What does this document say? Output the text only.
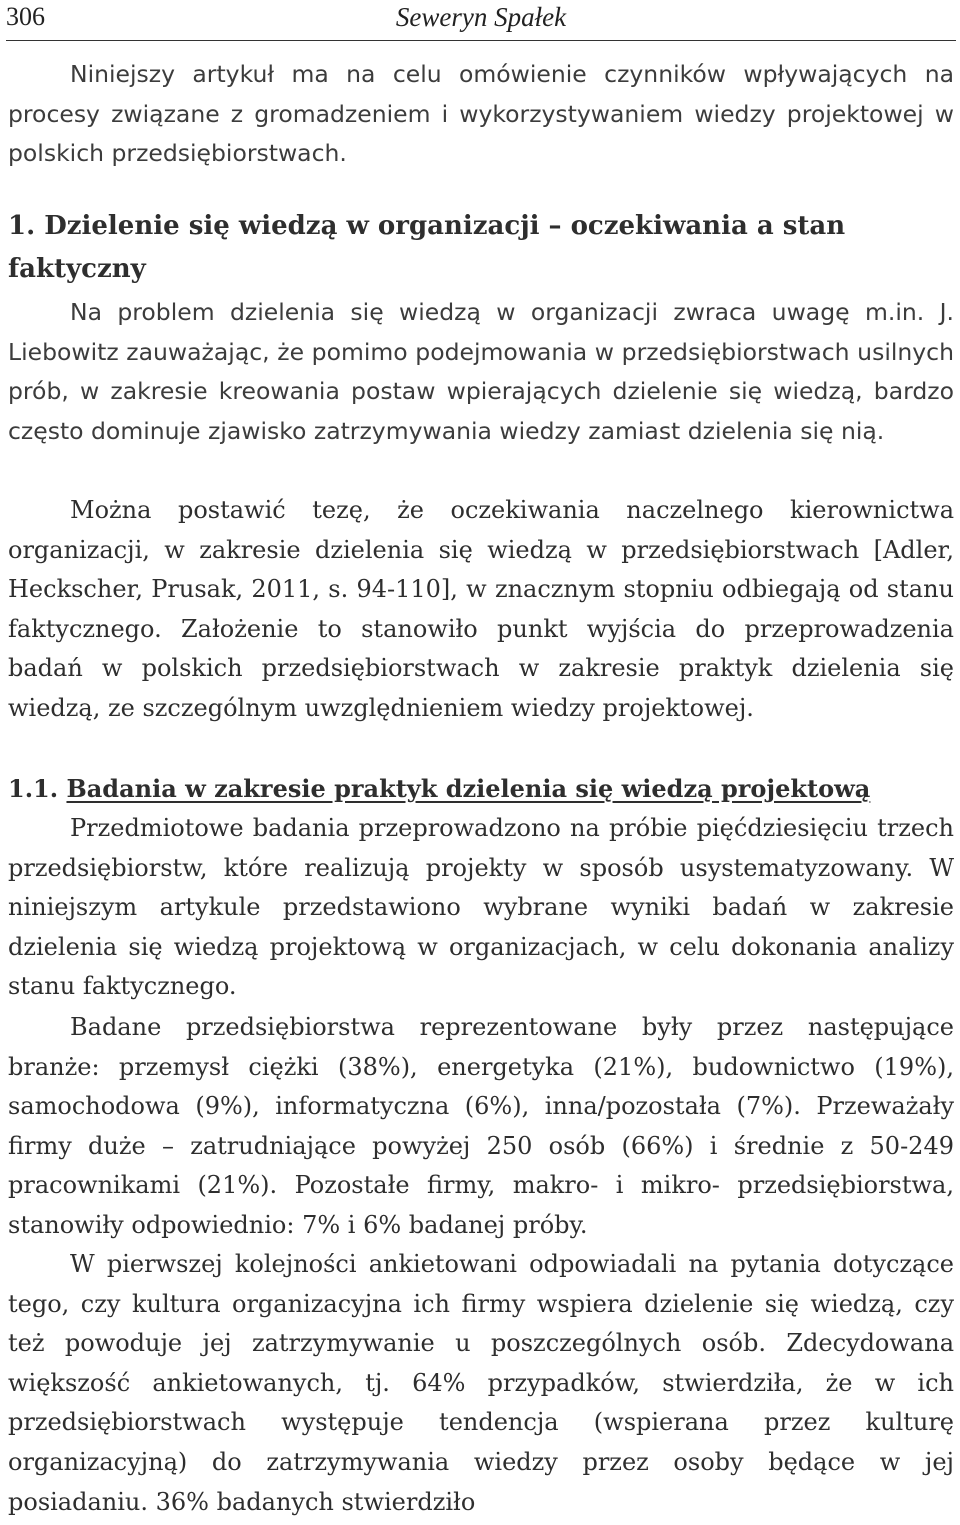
306	Seweryn Spałek

Niniejszy artykuł ma na celu omówienie czynników wpływających na procesy związane z gromadzeniem i wykorzystywaniem wiedzy projektowej w polskich przedsiębiorstwach.

1. Dzielenie się wiedzą w organizacji – oczekiwania a stan faktyczny

Na problem dzielenia się wiedzą w organizacji zwraca uwagę m.in. J. Liebowitz zauważając, że pomimo podejmowania w przedsiębiorstwach usilnych prób, w zakresie kreowania postaw wpierających dzielenie się wiedzą, bardzo często dominuje zjawisko zatrzymywania wiedzy zamiast dzielenia się nią.

Można postawić tezę, że oczekiwania naczelnego kierownictwa organizacji, w zakresie dzielenia się wiedzą w przedsiębiorstwach [Adler, Heckscher, Prusak, 2011, s. 94-110], w znacznym stopniu odbiegają od stanu faktycznego. Założenie to stanowiło punkt wyjścia do przeprowadzenia badań w polskich przedsiębiorstwach w zakresie praktyk dzielenia się wiedzą, ze szczególnym uwzględnieniem wiedzy projektowej.

1.1. Badania w zakresie praktyk dzielenia się wiedzą projektową

Przedmiotowe badania przeprowadzono na próbie pięćdziesięciu trzech przedsiębiorstw, które realizują projekty w sposób usystematyzowany. W niniejszym artykule przedstawiono wybrane wyniki badań w zakresie dzielenia się wiedzą projektową w organizacjach, w celu dokonania analizy stanu faktycznego.

Badane przedsiębiorstwa reprezentowane były przez następujące branże: przemysł ciężki (38%), energetyka (21%), budownictwo (19%), samochodowa (9%), informatyczna (6%), inna/pozostała (7%). Przeważały firmy duże – zatrudniające powyżej 250 osób (66%) i średnie z 50-249 pracownikami (21%). Pozostałe firmy, makro- i mikro- przedsiębiorstwa, stanowiły odpowiednio: 7% i 6% badanej próby.

W pierwszej kolejności ankietowani odpowiadali na pytania dotyczące tego, czy kultura organizacyjna ich firmy wspiera dzielenie się wiedzą, czy też powoduje jej zatrzymywanie u poszczególnych osób. Zdecydowana większość ankietowanych, tj. 64% przypadków, stwierdziła, że w ich przedsiębiorstwach występuje tendencja (wspierana przez kulturę organizacyjną) do zatrzymywania wiedzy przez osoby będące w jej posiadaniu. 36% badanych stwierdziło
